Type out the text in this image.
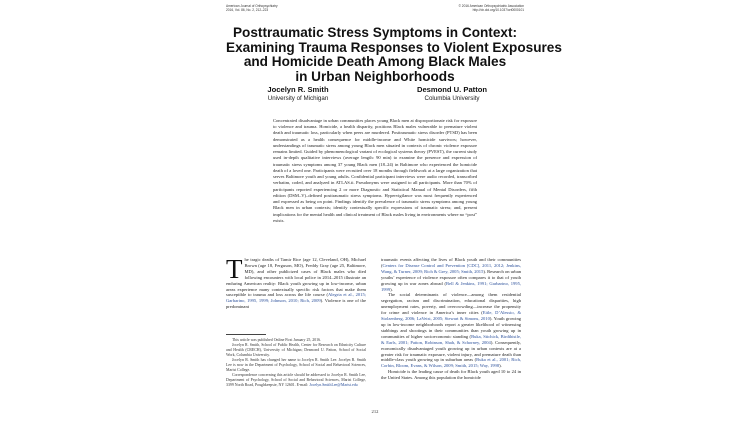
American Journal of Orthopsychiatry
2016, Vol. 86, No. 2, 212–223
© 2016 American Orthopsychiatric Association
http://dx.doi.org/10.1037/ort0000101
Posttraumatic Stress Symptoms in Context:
Examining Trauma Responses to Violent Exposures
and Homicide Death Among Black Males
in Urban Neighborhoods
Jocelyn R. Smith
University of Michigan
Desmond U. Patton
Columbia University

Concentrated disadvantage in urban communities places young Black men at disproportionate risk for exposure to violence and trauma. Homicide, a health disparity, positions Black males vulnerable to premature violent death and traumatic loss, particularly when peers are murdered. Posttraumatic stress disorder (PTSD) has been demonstrated as a health consequence for middle-income and White homicide survivors; however, understandings of traumatic stress among young Black men situated in contexts of chronic violence exposure remains limited. Guided by phenomenological variant of ecological systems theory (PVEST), the current study used in-depth qualitative interviews (average length: 90 min) to examine the presence and expression of traumatic stress symptoms among 37 young Black men (18–24) in Baltimore who experienced the homicide death of a loved one. Participants were recruited over 18 months through fieldwork at a large organization that serves Baltimore youth and young adults. Confidential participant interviews were audio recorded, transcribed verbatim, coded, and analyzed in ATLAS.ti. Pseudonyms were assigned to all participants. More than 70% of participants reported experiencing 2 or more Diagnostic and Statistical Manual of Mental Disorders, fifth edition (DSM–V)–defined posttraumatic stress symptoms. Hypervigilance was most frequently experienced and expressed as being on point. Findings identify the prevalence of traumatic stress symptoms among young Black men in urban contexts; identify contextually specific expressions of traumatic stress; and, present implications for the mental health and clinical treatment of Black males living in environments where no “post” exists.

The tragic deaths of Tamir Rice (age 12, Cleveland, OH), Michael Brown (age 18, Ferguson, MO), Freddy Gray (age 25, Baltimore, MD), and other publicized cases of Black males who died following encounters with local police in 2014–2015 illustrate an enduring American reality: Black youth growing up in low-income, urban areas experience many contextually specific risk factors that make them susceptible to trauma and loss across the life course (Alegria et al., 2015; Garbarino, 1995, 1999; Johnson, 2010; Rich, 2009). Violence is one of the predominant
This article was published Online First January 25, 2016.
Jocelyn R. Smith, School of Public Health, Center for Research on Ethnicity Culture and Health (CRECH), University of Michigan; Desmond U. Patton, School of Social Work, Columbia University.
Jocelyn R. Smith has changed her name to Jocelyn R. Smith Lee. Jocelyn R. Smith Lee is now in the Department of Psychology, School of Social and Behavioral Sciences, Marist College.
Correspondence concerning this article should be addressed to Jocelyn R. Smith Lee, Department of Psychology, School of Social and Behavioral Sciences, Marist College, 3399 North Road, Poughkeepsie, NY 12601. E-mail: Jocelyn.SmithLee@Marist.edu
traumatic events affecting the lives of Black youth and their communities (Centers for Disease Control and Prevention [CDC], 2011, 2012; Jenkins, Wang, & Turner, 2009; Rich & Grey, 2005; Smith, 2015). Research on urban youths’ experience of violence exposure often compares it to that of youth growing up in war zones abroad (Bell & Jenkins, 1991; Garbarino, 1995, 1999).
The social determinants of violence—among them residential segregation, racism and discrimination, educational disparities, high unemployment rates, poverty, and overcrowding—increase the propensity for crime and violence in America’s inner cities (Eitle, D’Alessio, & Stolzenberg, 2006; LaVeist, 2005; Stewart & Simons, 2010). Youth growing up in low-income neighborhoods report a greater likelihood of witnessing stabbings and shootings in their communities than youth growing up in communities of higher socioeconomic standing (Buka, Stichick, Birdthistle, & Earls, 2001; Patton, Robinson, Shah, & Schorney, 2004). Consequently, economically disadvantaged youth growing up in urban contexts are at a greater risk for traumatic exposure, violent injury, and premature death than middle-class youth growing up in suburban areas (Buka et al., 2001; Rich, Corbin, Bloom, Evans, & Wilson, 2009; Smith, 2015; Way, 1998).
Homicide is the leading cause of death for Black youth aged 10 to 24 in the United States. Among this population the homicide
212
